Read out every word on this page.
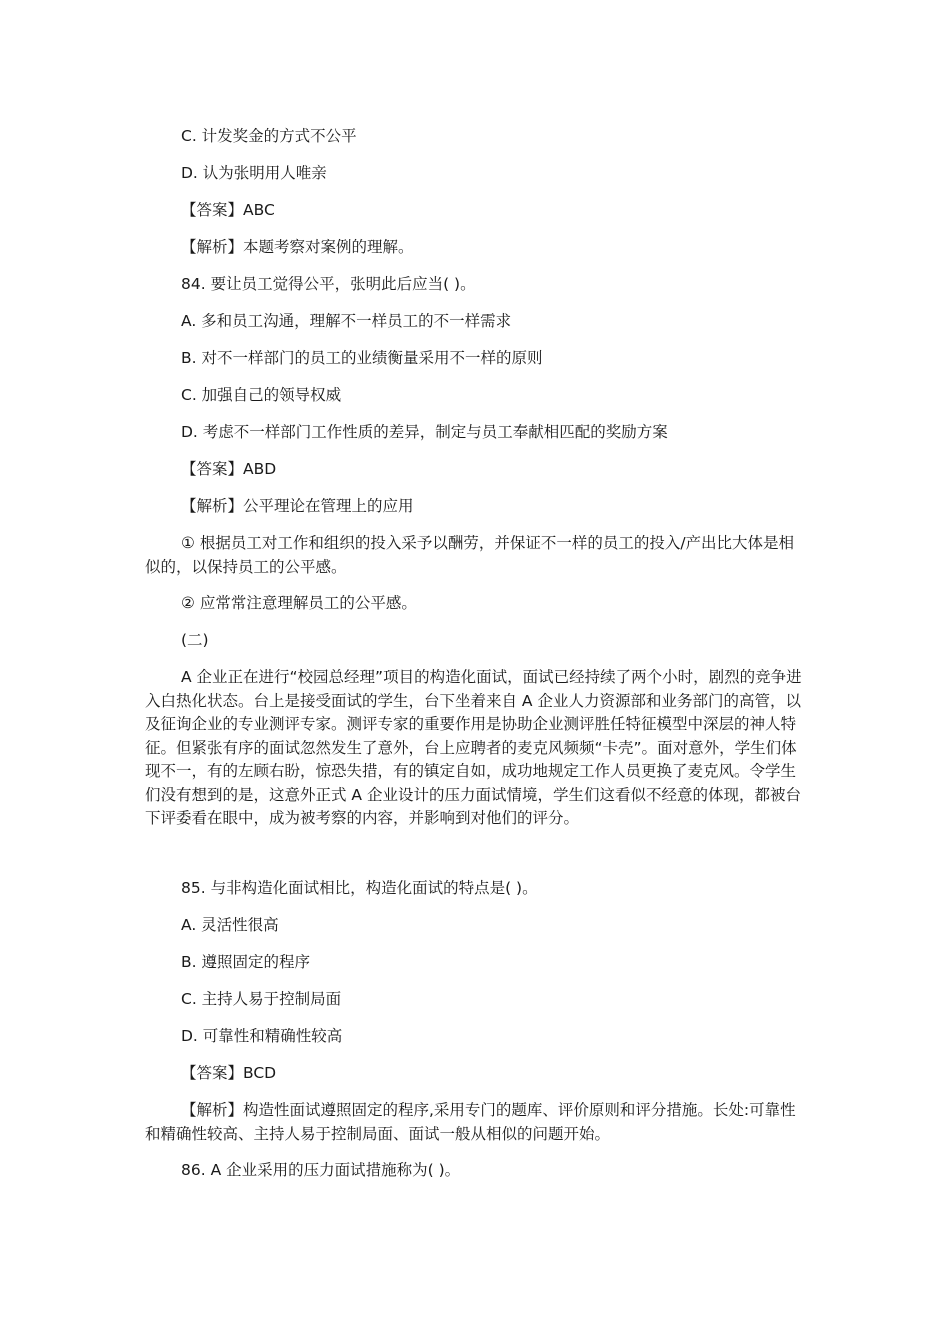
C. 计发奖金的方式不公平

D. 认为张明用人唯亲

【答案】ABC

【解析】本题考察对案例的理解。

84. 要让员工觉得公平，张明此后应当( )。

A. 多和员工沟通，理解不一样员工的不一样需求

B. 对不一样部门的员工的业绩衡量采用不一样的原则

C. 加强自己的领导权威

D. 考虑不一样部门工作性质的差异，制定与员工奉献相匹配的奖励方案

【答案】ABD

【解析】公平理论在管理上的应用

① 根据员工对工作和组织的投入采予以酬劳，并保证不一样的员工的投入/产出比大体是相似的，以保持员工的公平感。

② 应常常注意理解员工的公平感。

(二)

A 企业正在进行“校园总经理”项目的构造化面试，面试已经持续了两个小时，剧烈的竞争进入白热化状态。台上是接受面试的学生，台下坐着来自 A 企业人力资源部和业务部门的高管，以及征询企业的专业测评专家。测评专家的重要作用是协助企业测评胜任特征模型中深层的神人特征。但紧张有序的面试忽然发生了意外，台上应聘者的麦克风频频“卡壳”。面对意外，学生们体现不一，有的左顾右盼，惊恐失措，有的镇定自如，成功地规定工作人员更换了麦克风。令学生们没有想到的是，这意外正式 A 企业设计的压力面试情境，学生们这看似不经意的体现，都被台下评委看在眼中，成为被考察的内容，并影响到对他们的评分。

85. 与非构造化面试相比，构造化面试的特点是( )。

A. 灵活性很高

B. 遵照固定的程序

C. 主持人易于控制局面

D. 可靠性和精确性较高

【答案】BCD

【解析】构造性面试遵照固定的程序,采用专门的题库、评价原则和评分措施。长处:可靠性和精确性较高、主持人易于控制局面、面试一般从相似的问题开始。

86. A 企业采用的压力面试措施称为( )。
